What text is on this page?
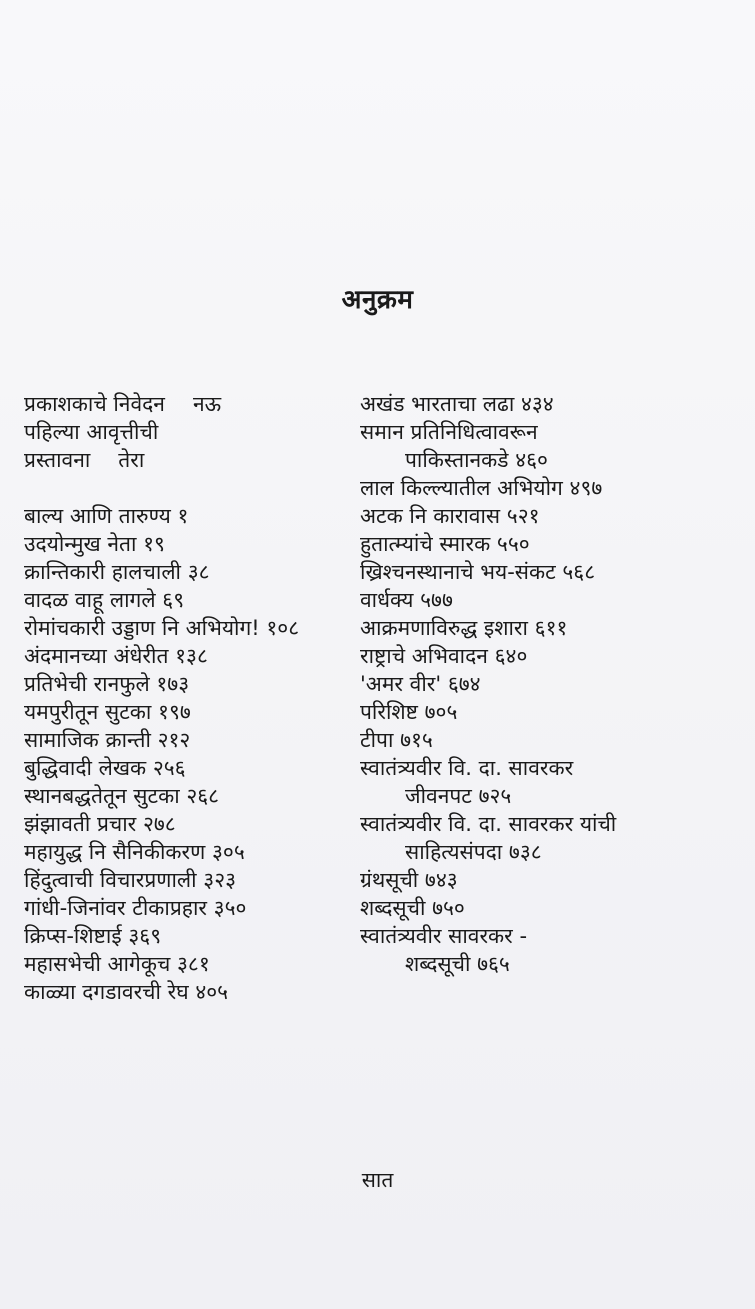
अनुक्रम
प्रकाशकाचे निवेदन नऊ
पहिल्या आवृत्तीची
प्रस्तावना तेरा
बाल्य आणि तारुण्य १
उदयोन्मुख नेता १९
क्रान्तिकारी हालचाली ३८
वादळ वाहू लागले ६९
रोमांचकारी उड्डाण नि अभियोग! १०८
अंदमानच्या अंधेरीत १३८
प्रतिभेची रानफुले १७३
यमपुरीतून सुटका १९७
सामाजिक क्रान्ती २१२
बुद्धिवादी लेखक २५६
स्थानबद्धतेतून सुटका २६८
झंझावती प्रचार २७८
महायुद्ध नि सैनिकीकरण ३०५
हिंदुत्वाची विचारप्रणाली ३२३
गांधी-जिनांवर टीकाप्रहार ३५०
क्रिप्स-शिष्टाई ३६९
महासभेची आगेकूच ३८१
काळ्या दगडावरची रेघ ४०५
अखंड भारताचा लढा ४३४
समान प्रतिनिधित्वावरून
पाकिस्तानकडे ४६०
लाल किल्ल्यातील अभियोग ४९७
अटक नि कारावास ५२१
हुतात्म्यांचे स्मारक ५५०
ख्रिश्चनस्थानाचे भय-संकट ५६८
वार्धक्य ५७७
आक्रमणाविरुद्ध इशारा ६११
राष्ट्राचे अभिवादन ६४०
'अमर वीर' ६७४
परिशिष्ट ७०५
टीपा ७१५
स्वातंत्र्यवीर वि. दा. सावरकर
जीवनपट ७२५
स्वातंत्र्यवीर वि. दा. सावरकर यांची
साहित्यसंपदा ७३८
ग्रंथसूची ७४३
शब्दसूची ७५०
स्वातंत्र्यवीर सावरकर -
शब्दसूची ७६५
सात
